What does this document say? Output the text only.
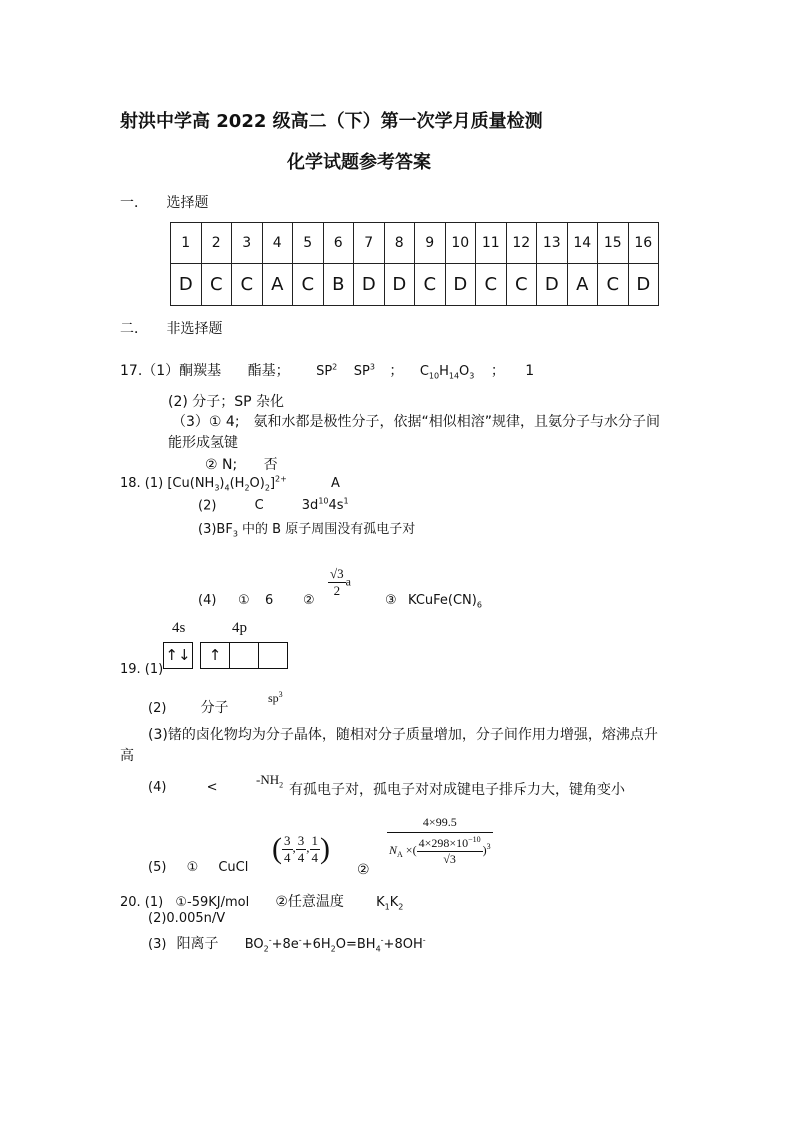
射洪中学高 2022 级高二（下）第一次学月质量检测
化学试题参考答案
一． 选择题
1	2	3	4	5	6	7	8	9	10	11	12	13	14	15	16
D	C	C	A	C	B	D	D	C	D	C	C	D	A	C	D
二． 非选择题
17.（1）酮羰基 酯基； $SP^2$ $SP^3$ ； $C_{10}H_{14}O_3$ ； 1
(2) 分子；SP 杂化
（3）① 4;　氨和水都是极性分子，依据“相似相溶”规律，且氨分子与水分子间
能形成氢键
② N; 否
18. (1) $[Cu(NH_3)_4(H_2O)_2]^{2+}$	A
(2)	C	$3d^{10}4s^1$
$(3)BF_3$ 中的 B 原子周围没有孤电子对
(4) ① 6 ②
$\frac{√3}{2}$ a
③ $KCuFe(CN)_6$
4s	4p
↑↓	↑
19. (1)
(2) 分子
$sp^3$
(3)锗的卤化物均为分子晶体，随相对分子质量增加，分子间作用力增强，熔沸点升
高
(4)	<
$-NH_2$ 有孤电子对，孤电子对对成键电子排斥力大，键角变小
(5) ① CuCl
( $\frac{3}{4}$ , $\frac{3}{4}$ , $\frac{1}{4}$ )
②
$\frac{4\times 99.5}{N_A \times( \frac{4\times 298\times 10^{-10}}{√3} )^3}$
20. (1) ①-59KJ/mol ②任意温度 $K_1K_2$
(2)0.005n/V
(3) 阳离子 $BO_2^-+8e^-+6H_2O=BH_4^-+8OH^-$
